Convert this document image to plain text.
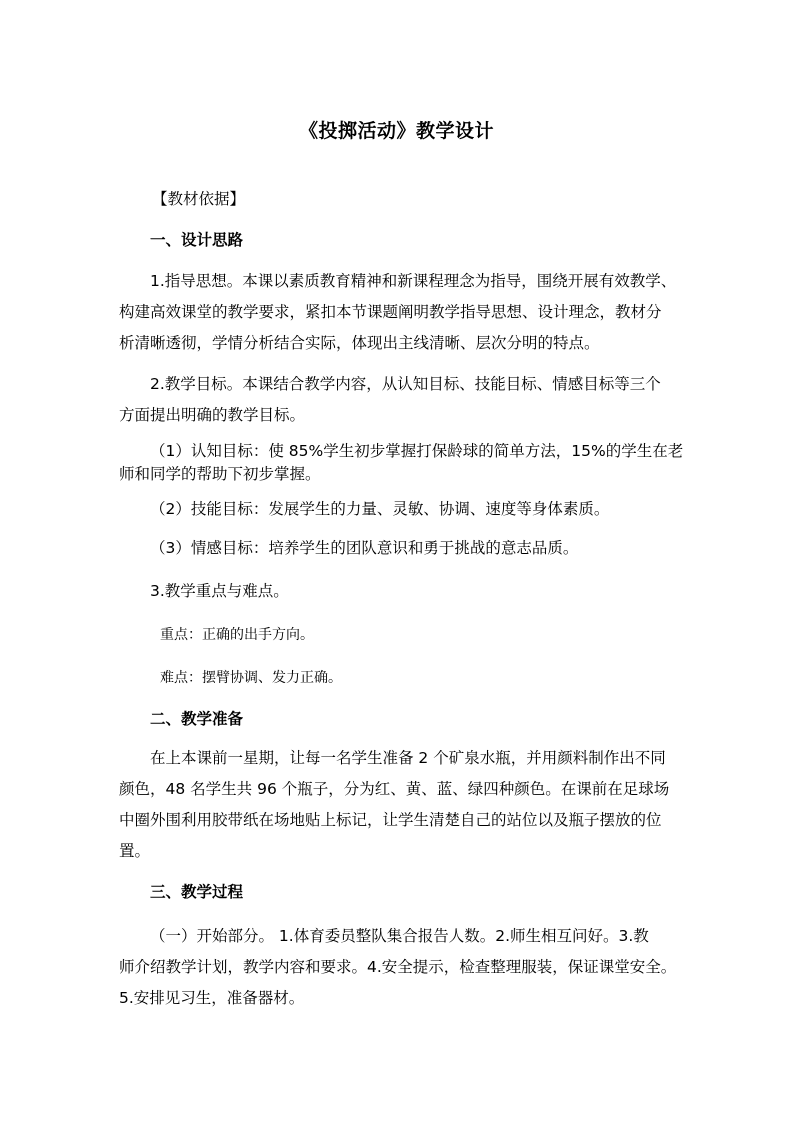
《投掷活动》教学设计
【教材依据】
一、设计思路
1.指导思想。本课以素质教育精神和新课程理念为指导，围绕开展有效教学、
构建高效课堂的教学要求，紧扣本节课题阐明教学指导思想、设计理念，教材分
析清晰透彻，学情分析结合实际，体现出主线清晰、层次分明的特点。
2.教学目标。本课结合教学内容，从认知目标、技能目标、情感目标等三个
方面提出明确的教学目标。
（1）认知目标：使 85%学生初步掌握打保龄球的简单方法，15%的学生在老
师和同学的帮助下初步掌握。
（2）技能目标：发展学生的力量、灵敏、协调、速度等身体素质。
（3）情感目标：培养学生的团队意识和勇于挑战的意志品质。
3.教学重点与难点。
重点：正确的出手方向。
难点：摆臂协调、发力正确。
二、教学准备
在上本课前一星期，让每一名学生准备 2 个矿泉水瓶，并用颜料制作出不同
颜色，48 名学生共 96 个瓶子，分为红、黄、蓝、绿四种颜色。在课前在足球场
中圈外围利用胶带纸在场地贴上标记，让学生清楚自己的站位以及瓶子摆放的位
置。
三、教学过程
（一）开始部分。 1.体育委员整队集合报告人数。2.师生相互问好。3.教
师介绍教学计划，教学内容和要求。4.安全提示，检查整理服装，保证课堂安全。
5.安排见习生，准备器材。
